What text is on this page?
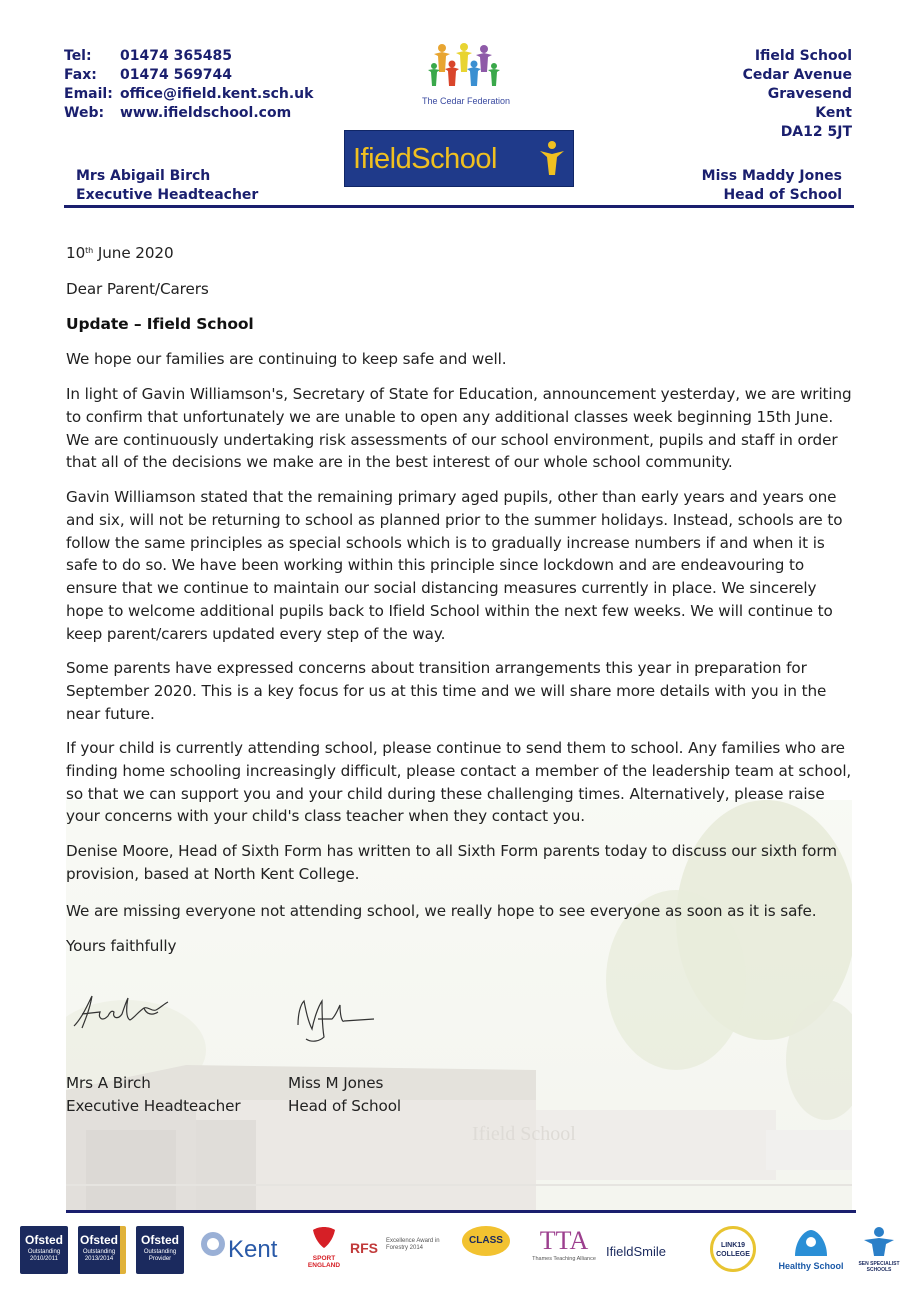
Ifield School
Tel:	01474 365485
Fax:	01474 569744
Email: office@ifield.kent.sch.uk
Web:	www.ifieldschool.com
The Cedar Federation
IfieldSchool
Ifield School
Cedar Avenue
Gravesend
Kent
DA12 5JT
Mrs Abigail Birch
Executive Headteacher
Miss Maddy Jones
Head of School

10th June 2020

Dear Parent/Carers

Update – Ifield School

We hope our families are continuing to keep safe and well.

In light of Gavin Williamson's, Secretary of State for Education, announcement yesterday, we are writing to confirm that unfortunately we are unable to open any additional classes week beginning 15th June. We are continuously undertaking risk assessments of our school environment, pupils and staff in order that all of the decisions we make are in the best interest of our whole school community.

Gavin Williamson stated that the remaining primary aged pupils, other than early years and years one and six, will not be returning to school as planned prior to the summer holidays. Instead, schools are to follow the same principles as special schools which is to gradually increase numbers if and when it is safe to do so. We have been working within this principle since lockdown and are endeavouring to ensure that we continue to maintain our social distancing measures currently in place. We sincerely hope to welcome additional pupils back to Ifield School within the next few weeks. We will continue to keep parent/carers updated every step of the way.

Some parents have expressed concerns about transition arrangements this year in preparation for September 2020. This is a key focus for us at this time and we will share more details with you in the near future.

If your child is currently attending school, please continue to send them to school. Any families who are finding home schooling increasingly difficult, please contact a member of the leadership team at school, so that we can support you and your child during these challenging times. Alternatively, please raise your concerns with your child's class teacher when they contact you.

Denise Moore, Head of Sixth Form has written to all Sixth Form parents today to discuss our sixth form provision, based at North Kent College.

We are missing everyone not attending school, we really hope to see everyone as soon as it is safe.

Yours faithfully

Mrs A Birch
Executive Headteacher
Miss M Jones
Head of School
Ofsted
Outstanding 2010/2011
Ofsted
Outstanding 2013/2014
Ofsted
Outstanding Provider	Kent	SPORT ENGLAND
RFS Excellence Award in Forestry 2014
CLASS	TTA
Thames Teaching Alliance IfieldSmile	LINK19 COLLEGE
Healthy School	SEN SPECIALIST SCHOOLS
